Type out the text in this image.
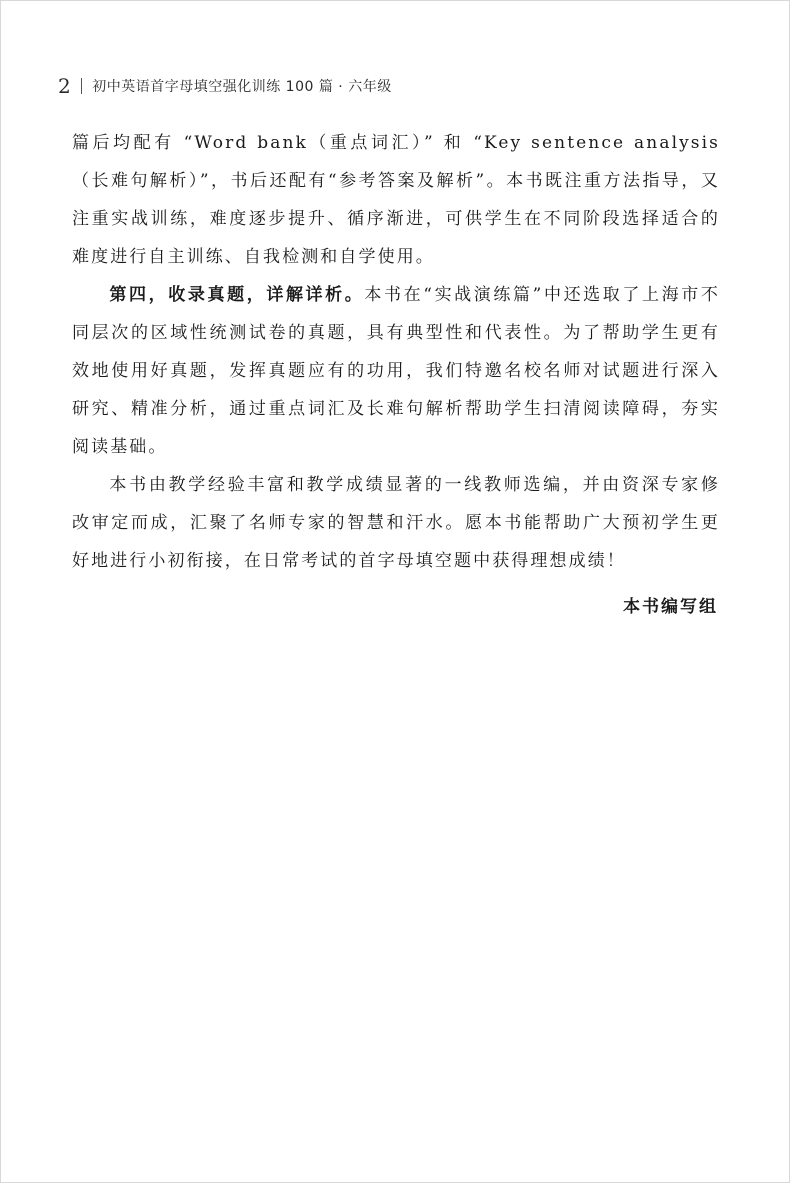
2 初中英语首字母填空强化训练 100 篇 · 六年级

篇后均配有 “Word bank（重点词汇）” 和 “Key sentence analysis（长难句解析）”，书后还配有“参考答案及解析”。本书既注重方法指导，又注重实战训练，难度逐步提升、循序渐进，可供学生在不同阶段选择适合的难度进行自主训练、自我检测和自学使用。

第四，收录真题，详解详析。本书在“实战演练篇”中还选取了上海市不同层次的区域性统测试卷的真题，具有典型性和代表性。为了帮助学生更有效地使用好真题，发挥真题应有的功用，我们特邀名校名师对试题进行深入研究、精准分析，通过重点词汇及长难句解析帮助学生扫清阅读障碍，夯实阅读基础。

本书由教学经验丰富和教学成绩显著的一线教师选编，并由资深专家修改审定而成，汇聚了名师专家的智慧和汗水。愿本书能帮助广大预初学生更好地进行小初衔接，在日常考试的首字母填空题中获得理想成绩！

本书编写组
